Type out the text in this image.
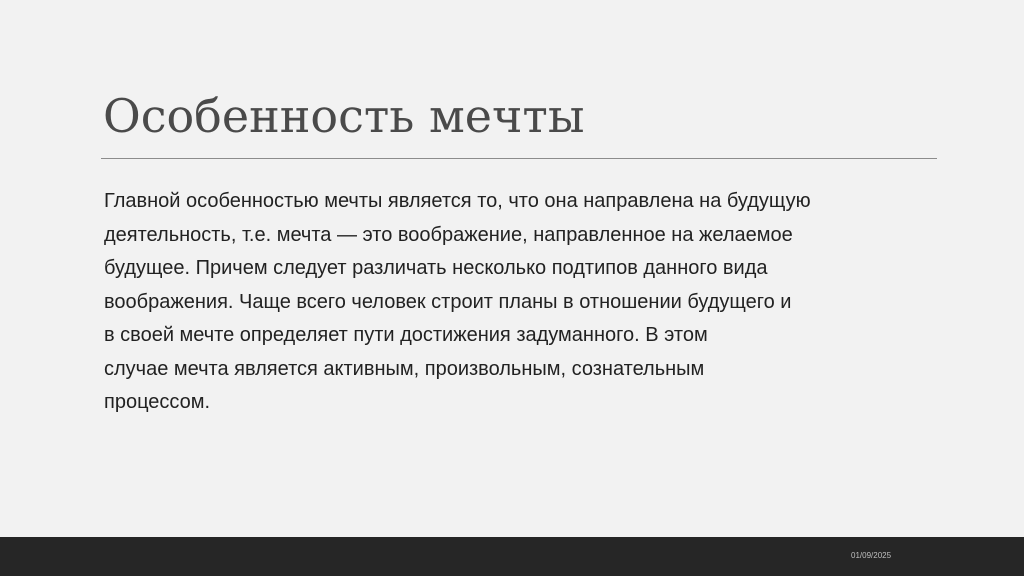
Особенность мечты
Главной особенностью мечты является то, что она направлена на будущую
деятельность, т.е. мечта — это воображение, направленное на желаемое
будущее. Причем следует различать несколько подтипов данного вида
воображения. Чаще всего человек строит планы в отношении будущего и
в своей мечте определяет пути достижения задуманного. В этом
случае мечта является активным, произвольным, сознательным
процессом.
01/09/2025
